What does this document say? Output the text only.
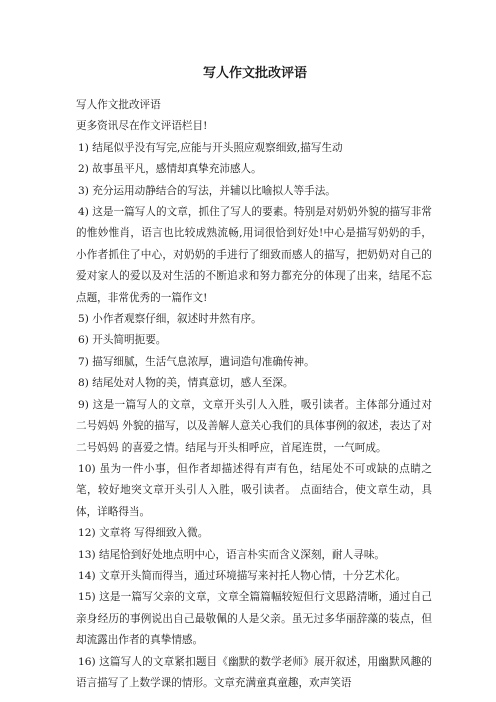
写人作文批改评语

写人作文批改评语

更多资讯尽在作文评语栏目!

1) 结尾似乎没有写完,应能与开头照应观察细致,描写生动

2) 故事虽平凡，感情却真挚充沛感人。

3) 充分运用动静结合的写法，并辅以比喻拟人等手法。

4) 这是一篇写人的文章，抓住了写人的要素。特别是对奶奶外貌的描写非常的惟妙惟肖，语言也比较成熟流畅,用词很恰到好处!中心是描写奶奶的手，小作者抓住了中心，对奶奶的手进行了细致而感人的描写，把奶奶对自己的爱对家人的爱以及对生活的不断追求和努力都充分的体现了出来，结尾不忘点题，非常优秀的一篇作文!

5) 小作者观察仔细，叙述时井然有序。

6) 开头简明扼要。

7) 描写细腻，生活气息浓厚，遣词造句准确传神。

8) 结尾处对人物的美，情真意切，感人至深。

9) 这是一篇写人的文章，文章开头引人入胜，吸引读者。主体部分通过对 二号妈妈 外貌的描写，以及善解人意关心我们的具体事例的叙述，表达了对 二号妈妈 的喜爱之情。结尾与开头相呼应，首尾连贯，一气呵成。

10) 虽为一件小事，但作者却描述得有声有色，结尾处不可或缺的点睛之笔，较好地突文章开头引人入胜，吸引读者。 点面结合，使文章生动，具体，详略得当。

12) 文章将 写得细致入微。

13) 结尾恰到好处地点明中心，语言朴实而含义深刻，耐人寻味。

14) 文章开头简而得当，通过环境描写来衬托人物心情，十分艺术化。

15) 这是一篇写父亲的文章，文章全篇篇幅较短但行文思路清晰，通过自己亲身经历的事例说出自己最敬佩的人是父亲。虽无过多华丽辞藻的装点，但却流露出作者的真挚情感。

16) 这篇写人的文章紧扣题目《幽默的数学老师》展开叙述，用幽默风趣的语言描写了上数学课的情形。文章充满童真童趣，欢声笑语
